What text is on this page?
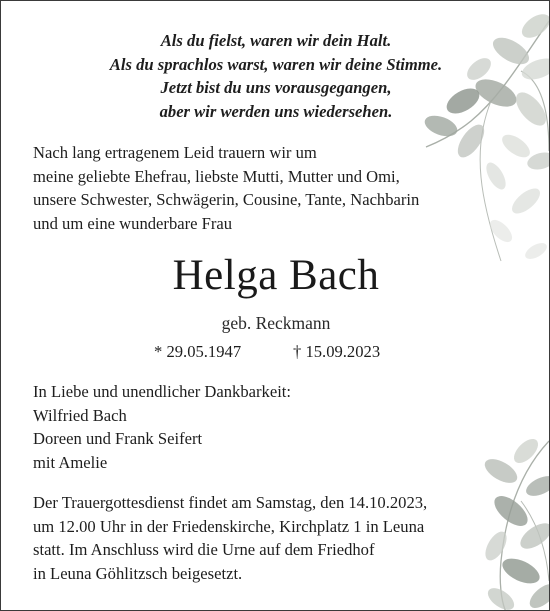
Als du fielst, waren wir dein Halt.
Als du sprachlos warst, waren wir deine Stimme.
Jetzt bist du uns vorausgegangen,
aber wir werden uns wiedersehen.
Nach lang ertragenem Leid trauern wir um
meine geliebte Ehefrau, liebste Mutti, Mutter und Omi,
unsere Schwester, Schwägerin, Cousine, Tante, Nachbarin
und um eine wunderbare Frau
Helga Bach
geb. Reckmann
* 29.05.1947	† 15.09.2023
In Liebe und unendlicher Dankbarkeit:
Wilfried Bach
Doreen und Frank Seifert
mit Amelie
Der Trauergottesdienst findet am Samstag, den 14.10.2023,
um 12.00 Uhr in der Friedenskirche, Kirchplatz 1 in Leuna
statt. Im Anschluss wird die Urne auf dem Friedhof
in Leuna Göhlitzsch beigesetzt.
